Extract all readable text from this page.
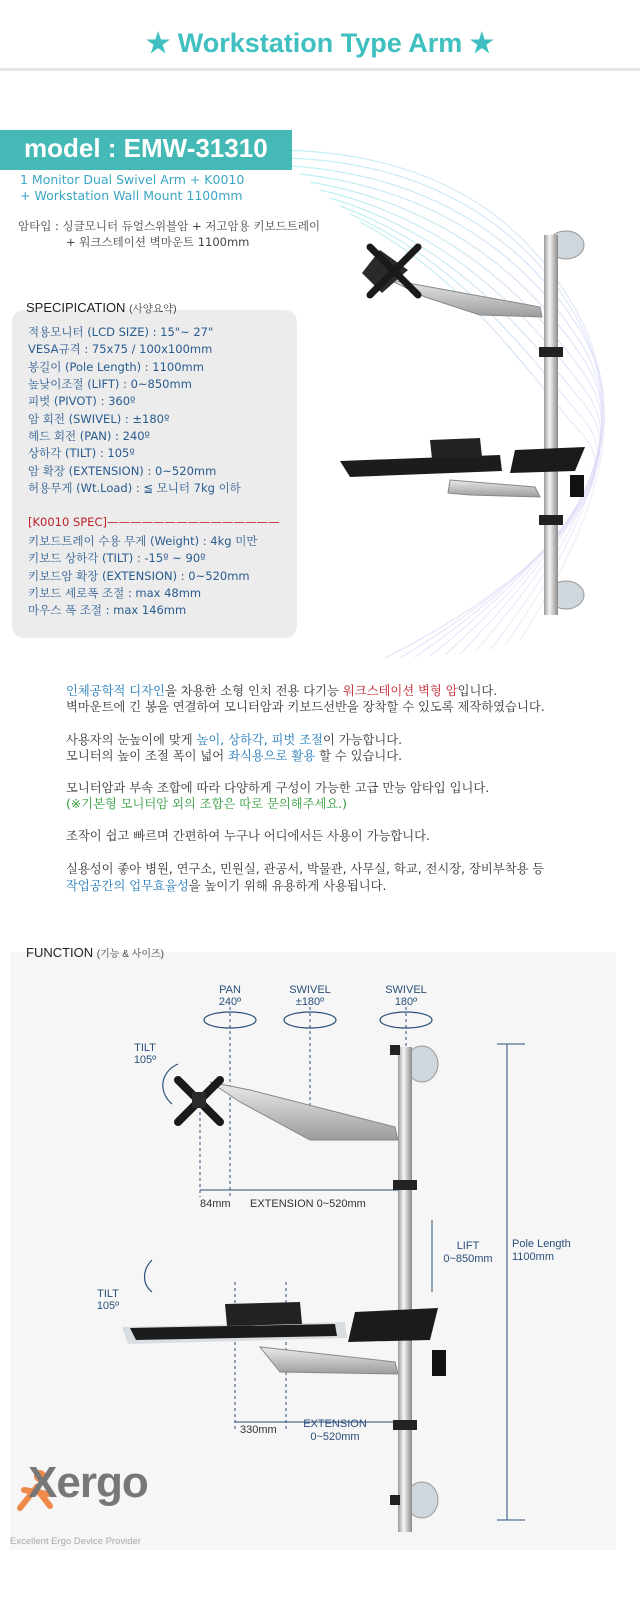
★ Workstation Type Arm ★
model : EMW-31310
1 Monitor Dual Swivel Arm + K0010
+ Workstation Wall Mount 1100mm
암타입 : 싱글모니터 듀얼스위블암 + 저고암용 키보드트레이
+ 워크스테이션 벽마운트 1100mm
SPECIPICATION (사양요약)
적용모니터 (LCD SIZE) : 15"~ 27"
VESA규격 : 75x75 / 100x100mm
봉길이 (Pole Length) : 1100mm
높낮이조절 (LIFT) : 0~850mm
피벗 (PIVOT) : 360º
암 회전 (SWIVEL) : ±180º
헤드 회전 (PAN) : 240º
상하각 (TILT) : 105º
암 확장 (EXTENSION) : 0~520mm
허용무게 (Wt.Load) : ≦ 모니터 7kg 이하
[K0010 SPEC]———————————————
키보드트레이 수용 무게 (Weight) : 4kg 미만
키보드 상하각 (TILT) : -15º ~ 90º
키보드암 확장 (EXTENSION) : 0~520mm
키보드 세로폭 조절 : max 48mm
마우스 폭 조절 : max 146mm
인체공학적 디자인을 차용한 소형 인치 전용 다기능 워크스테이션 벽형 암입니다.
벽마운트에 긴 봉을 연결하여 모니터암과 키보드선반을 장착할 수 있도록 제작하였습니다.
사용자의 눈높이에 맞게 높이, 상하각, 피벗 조절이 가능합니다.
모니터의 높이 조절 폭이 넓어 좌식용으로 활용 할 수 있습니다.
모니터암과 부속 조합에 따라 다양하게 구성이 가능한 고급 만능 암타입 입니다.
(※기본형 모니터암 외의 조합은 따로 문의해주세요.)
조작이 쉽고 빠르며 간편하여 누구나 어디에서든 사용이 가능합니다.
실용성이 좋아 병원, 연구소, 민원실, 관공서, 박물관, 사무실, 학교, 전시장, 장비부착용 등
작업공간의 업무효율성을 높이기 위해 유용하게 사용됩니다.
FUNCTION (기능 & 사이즈)
PAN
240º
SWIVEL
±180º
SWIVEL
180º
TILT
105º
84mm EXTENSION 0~520mm
LIFT
0~850mm
Pole Length
1100mm
TILT
105º
330mm EXTENSION
0~520mm
Xergo
Excellent Ergo Device Provider
